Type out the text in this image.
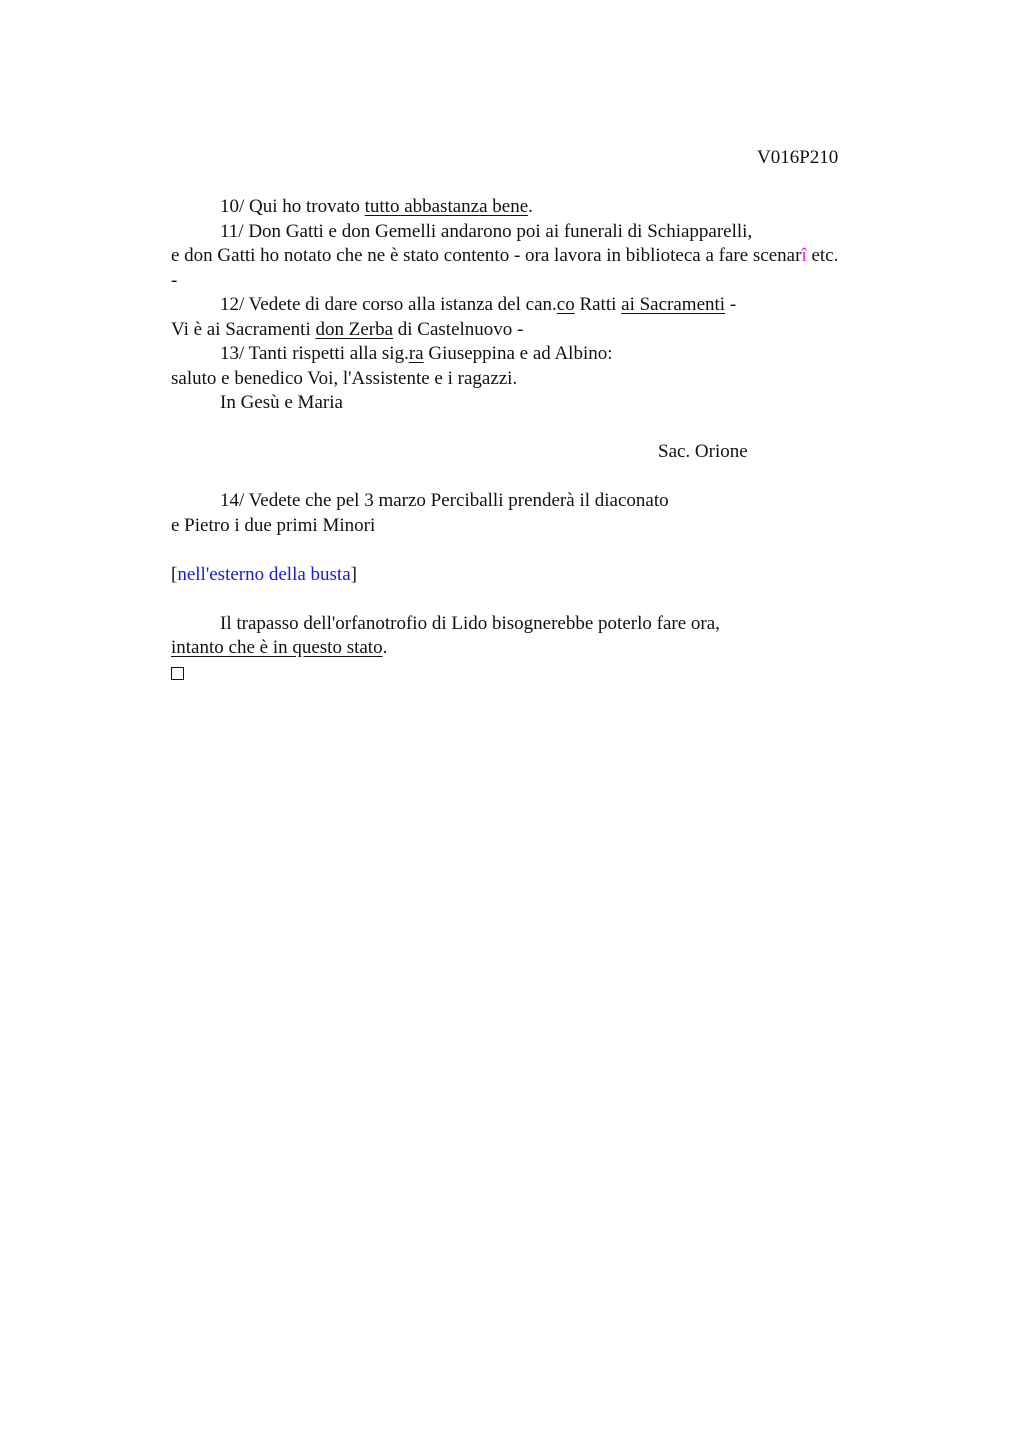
V016P210
10/ Qui ho trovato tutto abbastanza bene.
11/ Don Gatti e don Gemelli andarono poi ai funerali di Schiapparelli,
e don Gatti ho notato che ne è stato contento - ora lavora in biblioteca a fare scenarî etc.
-
12/ Vedete di dare corso alla istanza del can.co Ratti ai Sacramenti -
Vi è ai Sacramenti don Zerba di Castelnuovo -
13/ Tanti rispetti alla sig.ra Giuseppina e ad Albino:
saluto e benedico Voi, l'Assistente e i ragazzi.
In Gesù e Maria
Sac. Orione
14/ Vedete che pel 3 marzo Perciballi prenderà il diaconato
e Pietro i due primi Minori
[nell'esterno della busta]
Il trapasso dell'orfanotrofio di Lido bisognerebbe poterlo fare ora,
intanto che è in questo stato.
